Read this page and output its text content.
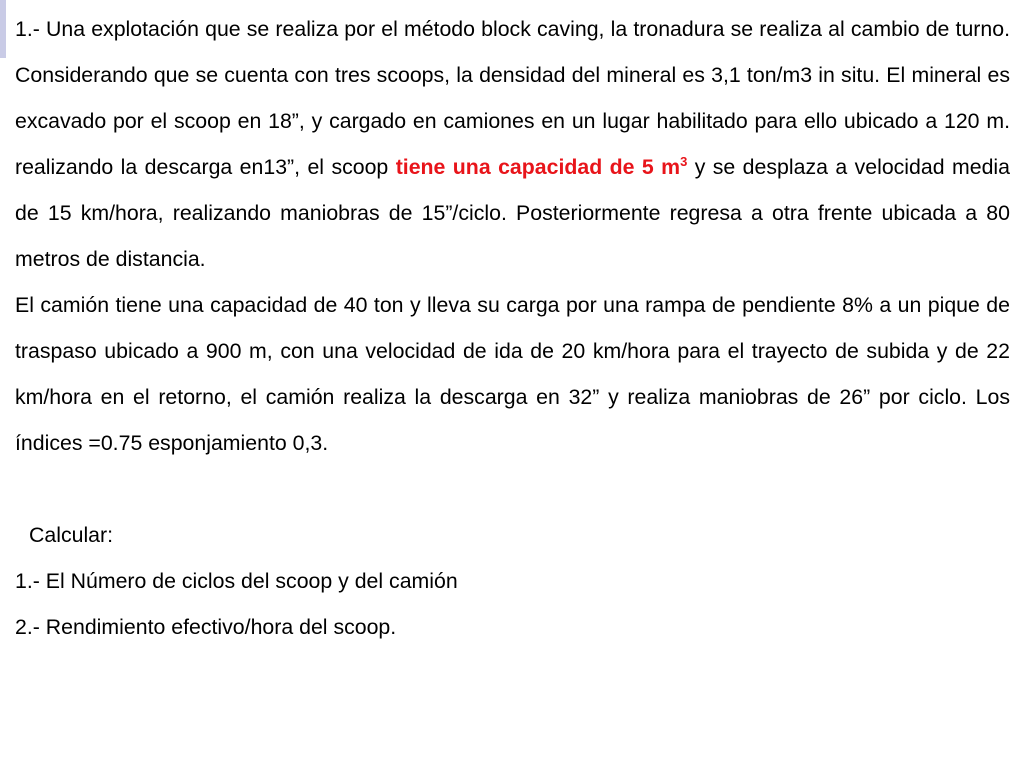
1.- Una explotación que se realiza por el método block caving, la tronadura se realiza al cambio de turno. Considerando que se cuenta con tres scoops, la densidad del mineral es 3,1 ton/m3 in situ. El mineral es excavado por el scoop en 18”, y cargado en camiones en un lugar habilitado para ello ubicado a 120 m. realizando la descarga en13”, el scoop tiene una capacidad de 5 $m^3$ y se desplaza a velocidad media de 15 km/hora, realizando maniobras de 15”/ciclo. Posteriormente regresa a otra frente ubicada a 80 metros de distancia.

El camión tiene una capacidad de 40 ton y lleva su carga por una rampa de pendiente 8% a un pique de traspaso ubicado a 900 m, con una velocidad de ida de 20 km/hora para el trayecto de subida y de 22 km/hora en el retorno, el camión realiza la descarga en 32” y realiza maniobras de 26” por ciclo. Los índices =0.75 esponjamiento 0,3.

Calcular:
1.- El Número de ciclos del scoop y del camión
2.- Rendimiento efectivo/hora del scoop.
